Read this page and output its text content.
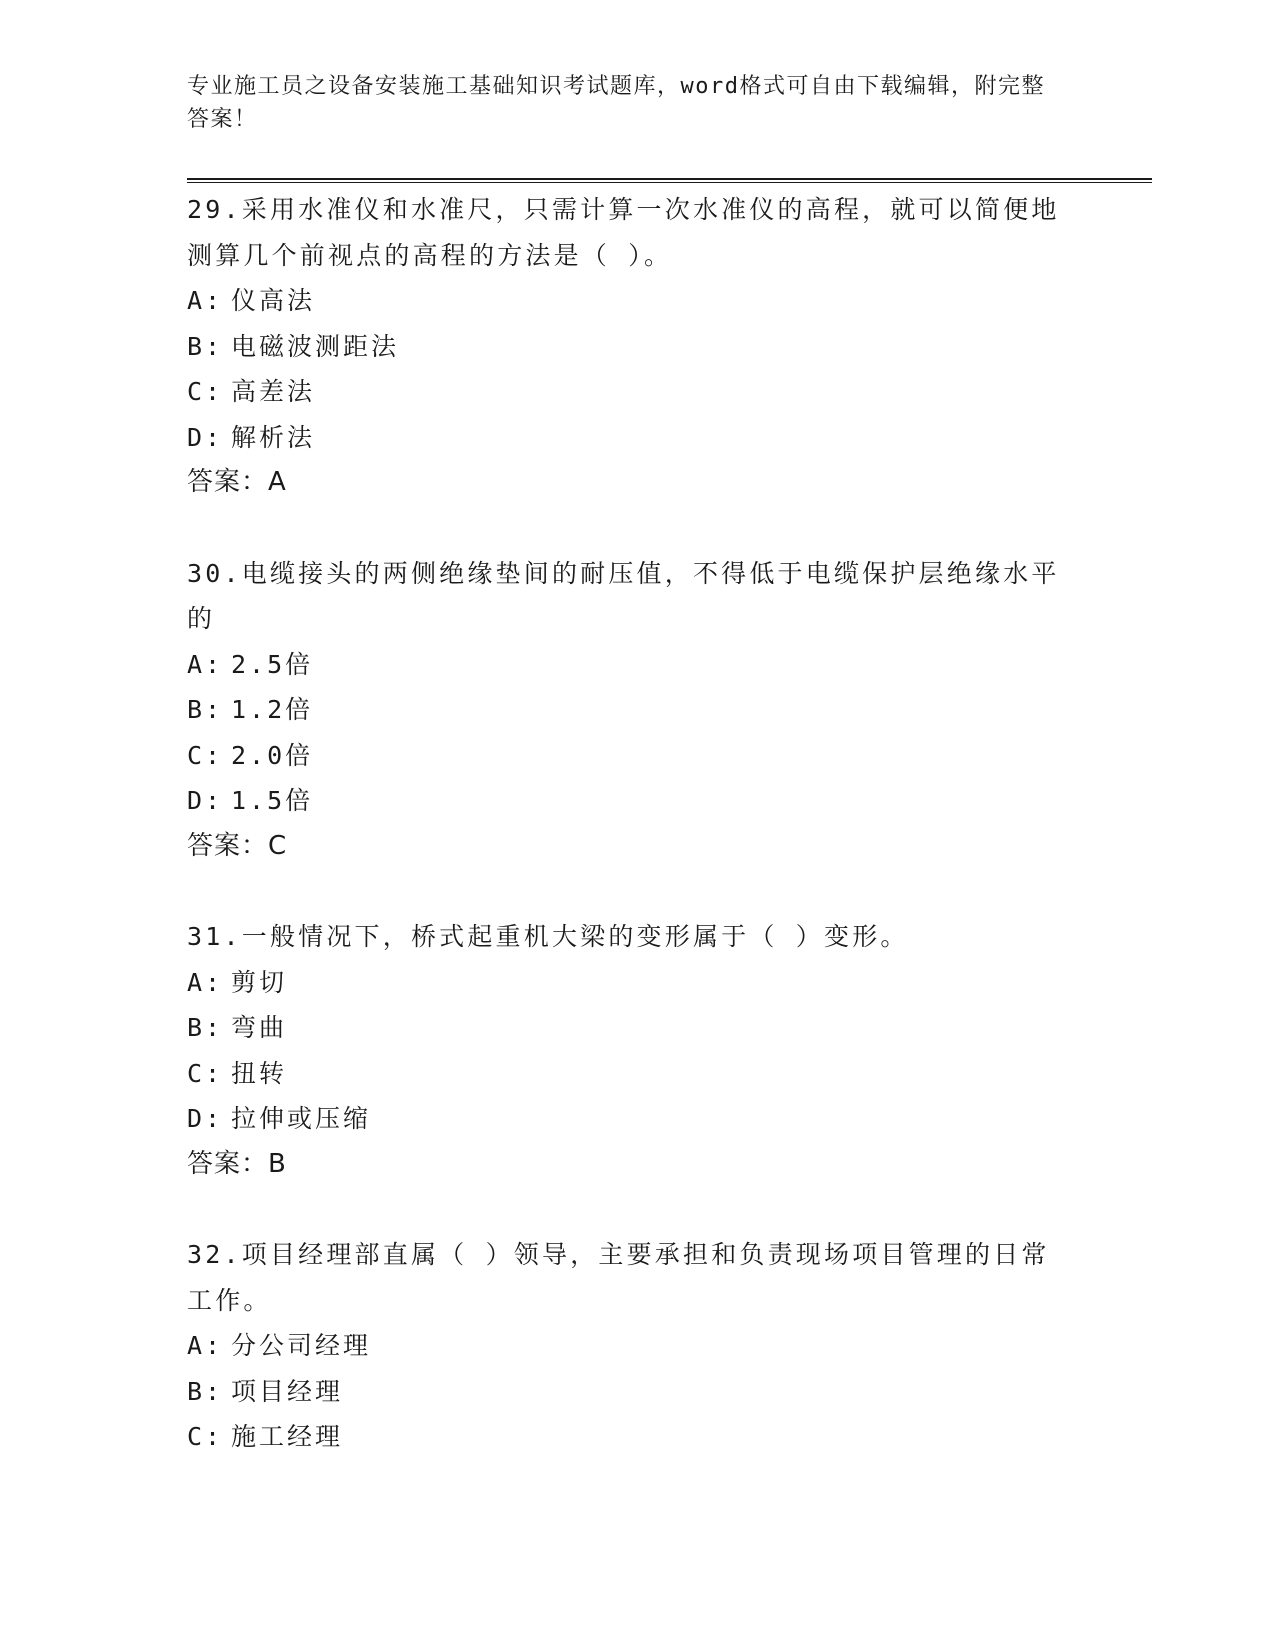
专业施工员之设备安装施工基础知识考试题库，word格式可自由下载编辑，附完整答案！
29.采用水准仪和水准尺，只需计算一次水准仪的高程，就可以简便地测算几个前视点的高程的方法是（ ）。
A: 仪高法
B: 电磁波测距法
C: 高差法
D: 解析法
答案：A
30.电缆接头的两侧绝缘垫间的耐压值，不得低于电缆保护层绝缘水平的
A: 2.5倍
B: 1.2倍
C: 2.0倍
D: 1.5倍
答案：C
31.一般情况下，桥式起重机大梁的变形属于（ ）变形。
A: 剪切
B: 弯曲
C: 扭转
D: 拉伸或压缩
答案：B
32.项目经理部直属（ ）领导，主要承担和负责现场项目管理的日常工作。
A: 分公司经理
B: 项目经理
C: 施工经理
